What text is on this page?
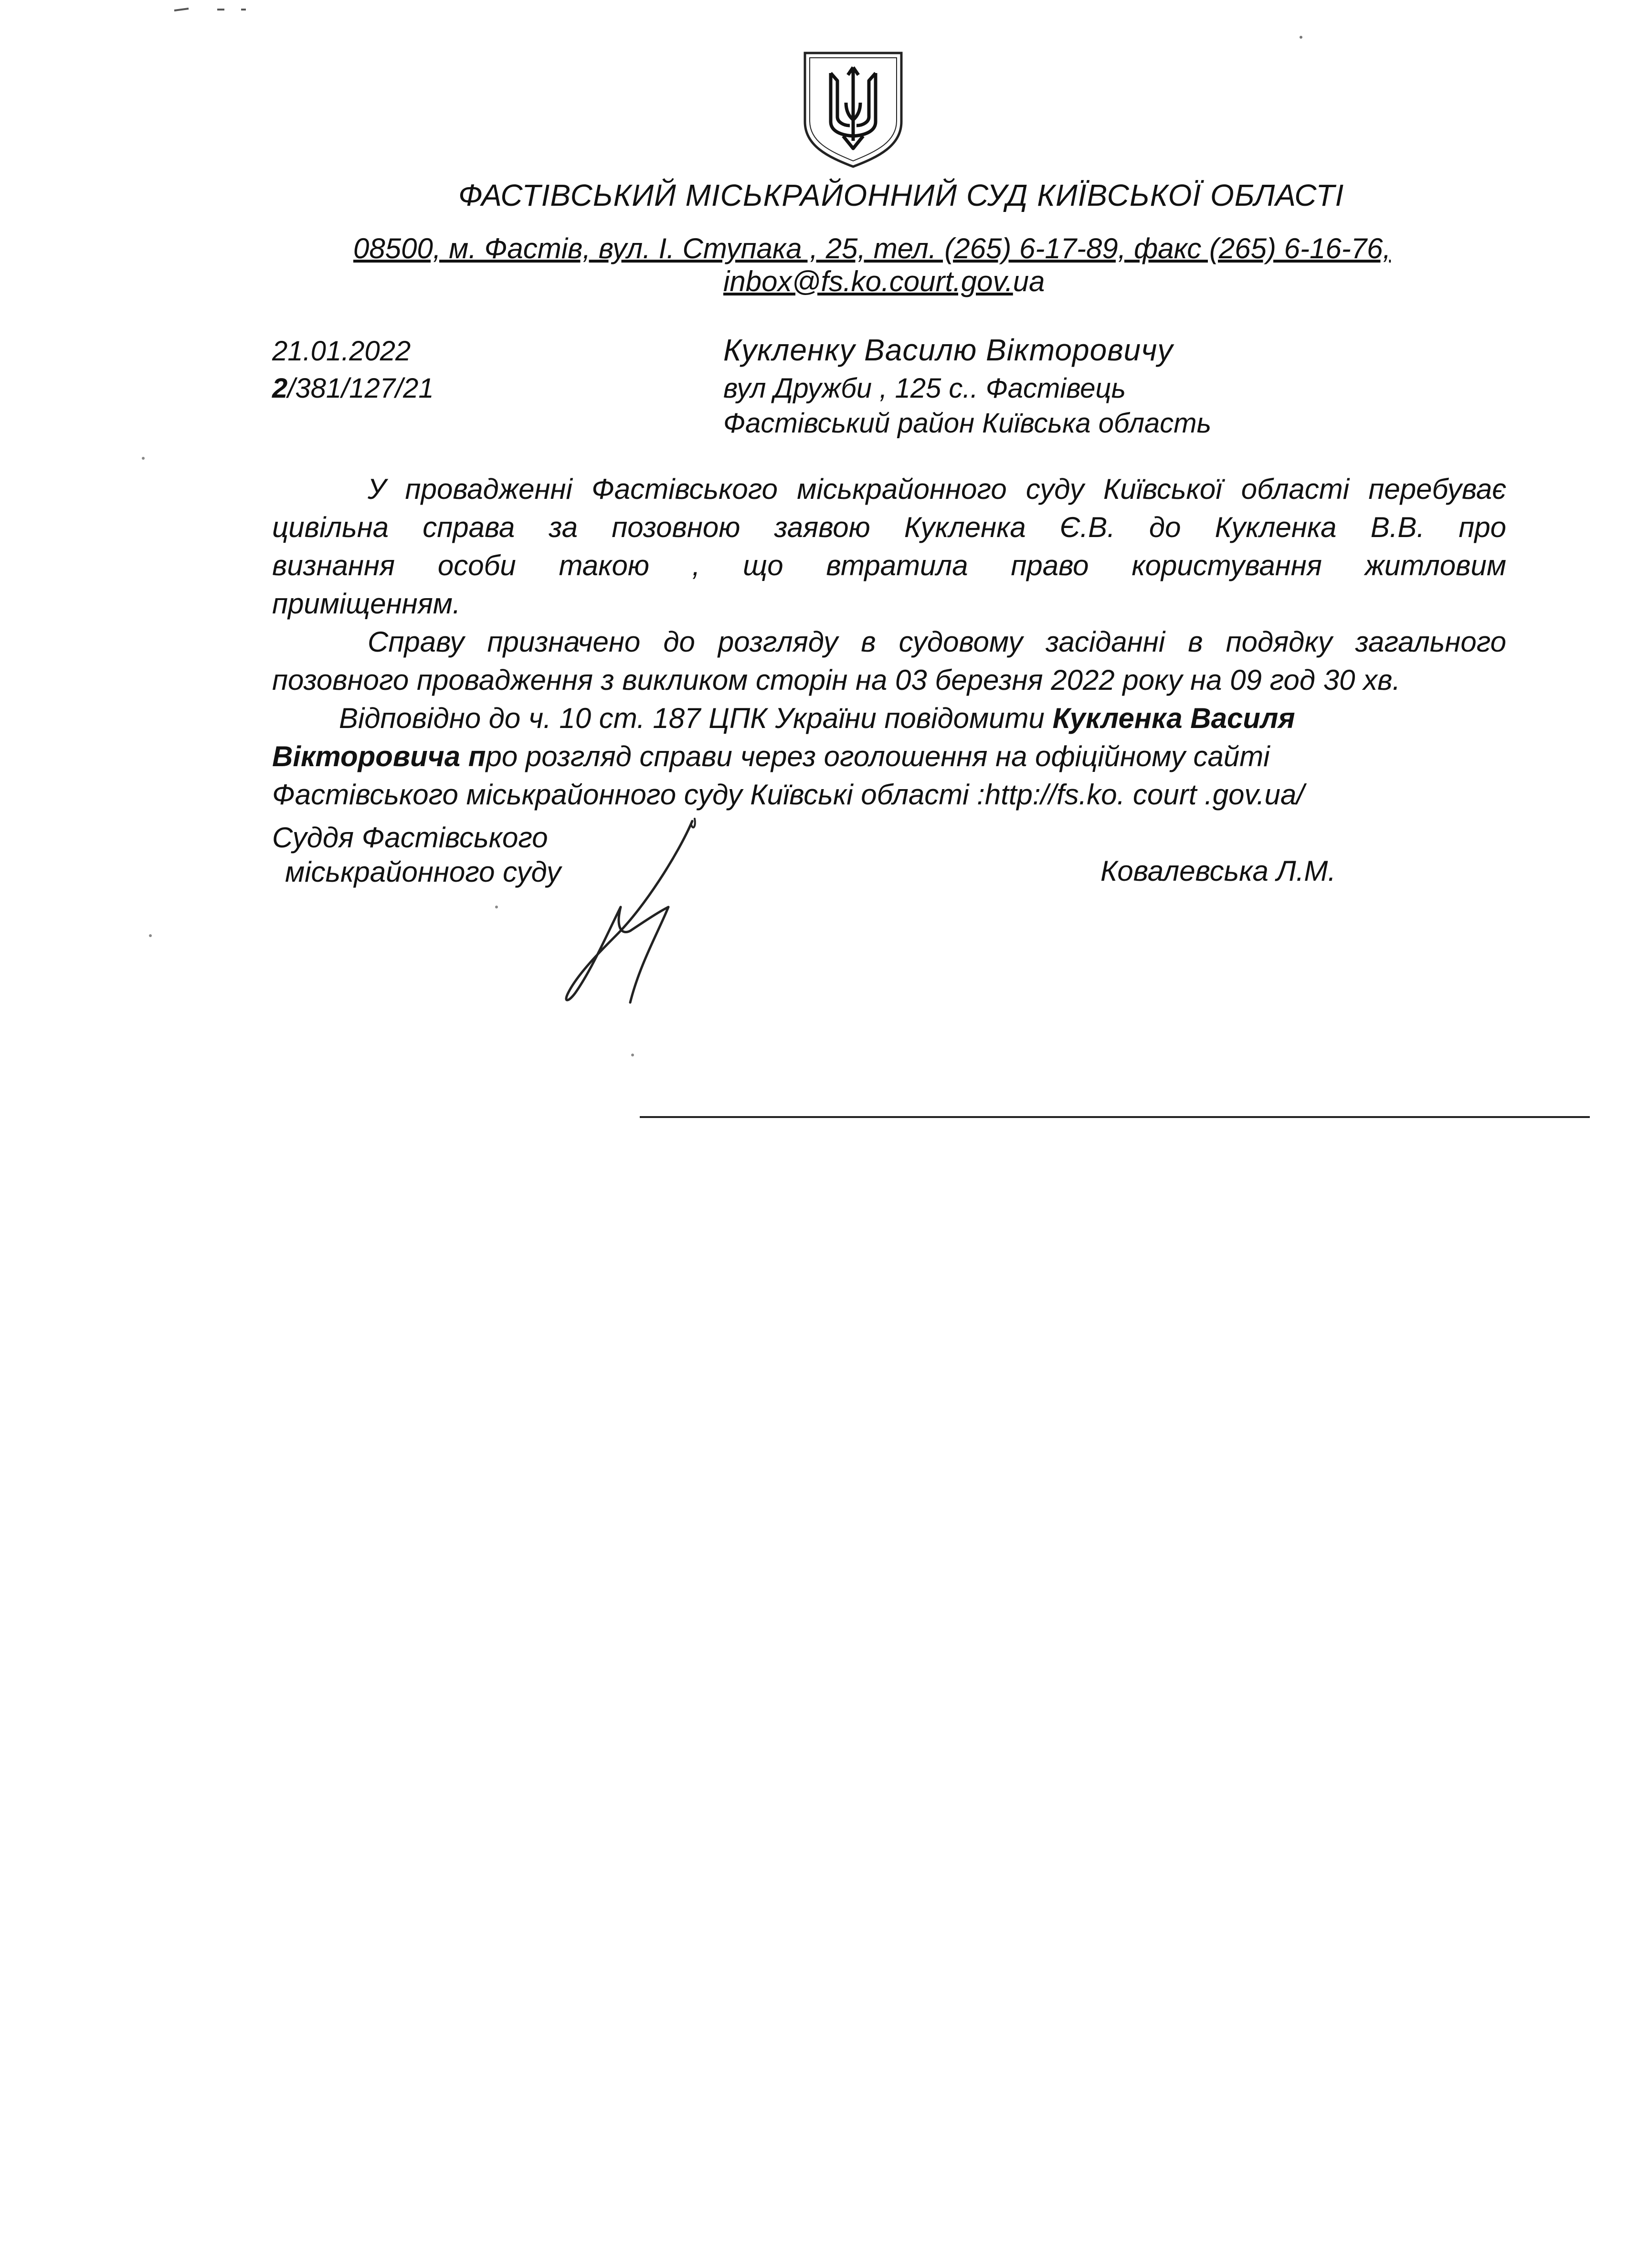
ФАСТІВСЬКИЙ МІСЬКРАЙОННИЙ СУД КИЇВСЬКОЇ ОБЛАСТІ
08500, м. Фастів, вул. І. Ступака , 25, тел. (265) 6-17-89, факс (265) 6-16-76,
inbox@fs.ko.court.gov.ua
21.01.2022
2/381/127/21
Кукленку Василю Вікторовичу
вул Дружби , 125 с.. Фастівець
Фастівський район Київська область
У провадженні Фастівського міськрайонного суду Київської області перебуває
цивільна справа за позовною заявою Кукленка Є.В. до Кукленка В.В. про
визнання особи такою , що втратила право користування житловим
приміщенням.
Справу призначено до розгляду в судовому засіданні в подядку загального
позовного провадження з викликом сторін на 03 березня 2022 року на 09 год 30 хв.
Відповідно до ч. 10 ст. 187 ЦПК України повідомити Кукленка Василя
Вікторовича про розгляд справи через оголошення на офіційному сайті
Фастівського міськрайонного суду Київські області :http://fs.ko. court .gov.ua/
Суддя Фастівського
міськрайонного суду	Ковалевська Л.М.
